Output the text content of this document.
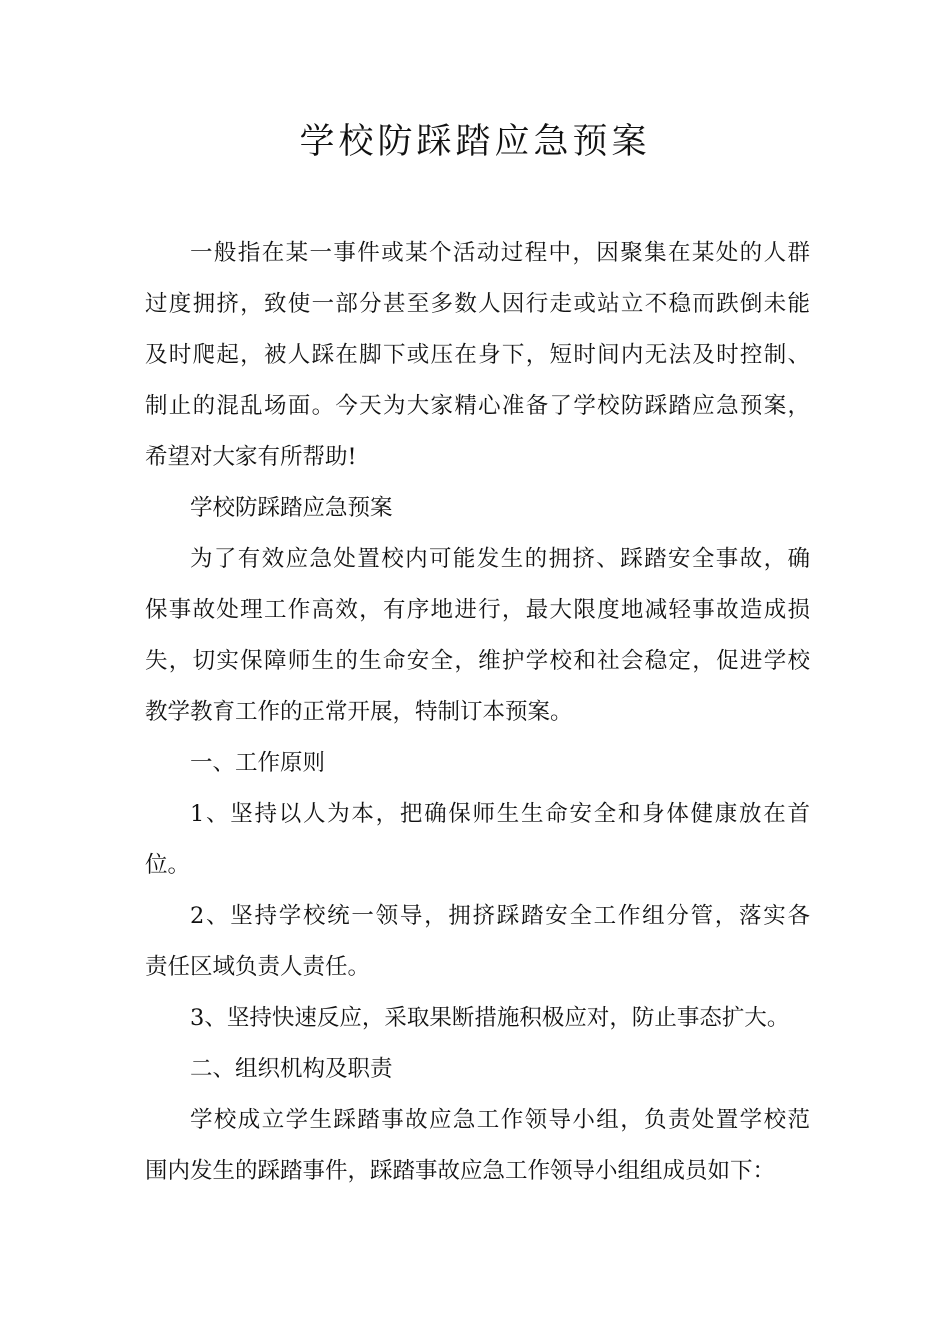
学校防踩踏应急预案

一般指在某一事件或某个活动过程中，因聚集在某处的人群
过度拥挤，致使一部分甚至多数人因行走或站立不稳而跌倒未能
及时爬起，被人踩在脚下或压在身下，短时间内无法及时控制、
制止的混乱场面。今天为大家精心准备了学校防踩踏应急预案，
希望对大家有所帮助!

学校防踩踏应急预案

为了有效应急处置校内可能发生的拥挤、踩踏安全事故，确
保事故处理工作高效，有序地进行，最大限度地减轻事故造成损
失，切实保障师生的生命安全，维护学校和社会稳定，促进学校
教学教育工作的正常开展，特制订本预案。

一、工作原则

1、坚持以人为本，把确保师生生命安全和身体健康放在首
位。

2、坚持学校统一领导，拥挤踩踏安全工作组分管，落实各
责任区域负责人责任。

3、坚持快速反应，采取果断措施积极应对，防止事态扩大。

二、组织机构及职责

学校成立学生踩踏事故应急工作领导小组，负责处置学校范
围内发生的踩踏事件，踩踏事故应急工作领导小组组成员如下：
